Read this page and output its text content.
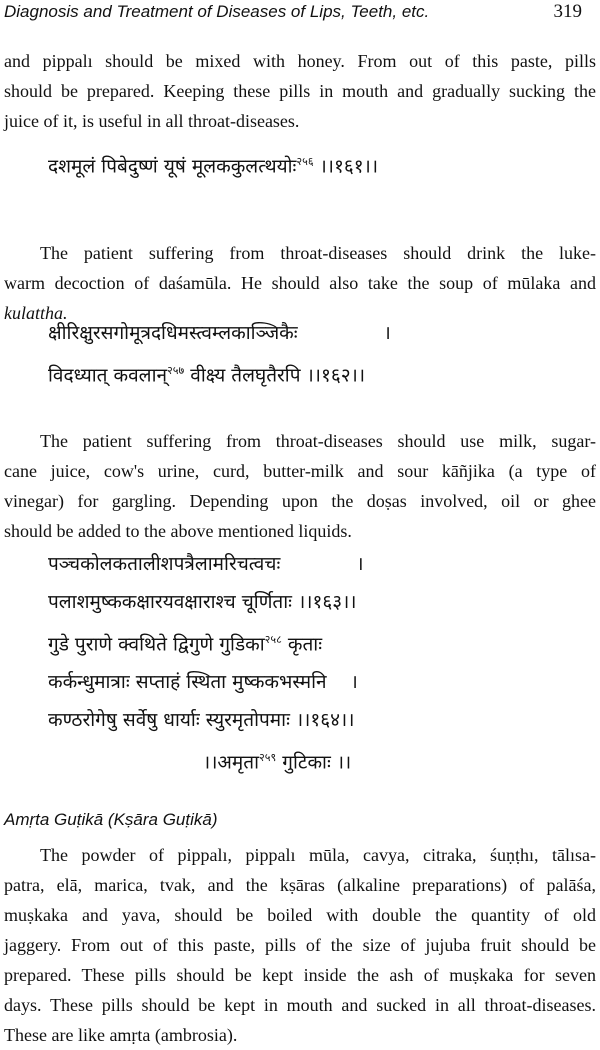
Diagnosis and Treatment of Diseases of Lips, Teeth, etc.	319
and pippalı should be mixed with honey. From out of this paste, pills
should be prepared. Keeping these pills in mouth and gradually sucking the
juice of it, is useful in all throat-diseases.
दशमूलं पिबेदुष्णं यूषं मूलककुलत्थयोः$^{२५६}$ ।।१६१।।
The patient suffering from throat-diseases should drink the luke-
warm decoction of daśamūla. He should also take the soup of mūlaka and
kulattha.
क्षीरिक्षुरसगोमूत्रदधिमस्त्वम्लकाञ्जिकैः	।
विदध्यात् कवलान्$^{२५७}$ वीक्ष्य तैलघृतैरपि ।।१६२।।
The patient suffering from throat-diseases should use milk, sugar-
cane juice, cow's urine, curd, butter-milk and sour kāñjika (a type of
vinegar) for gargling. Depending upon the doṣas involved, oil or ghee
should be added to the above mentioned liquids.
पञ्चकोलकतालीशपत्रैलामरिचत्वचः	।
पलाशमुष्ककक्षारयवक्षाराश्च चूर्णिताः ।।१६३।।
गुडे पुराणे क्वथिते द्विगुणे गुडिका$^{२५८}$ कृताः
कर्कन्धुमात्राः सप्ताहं स्थिता मुष्ककभस्मनि ।
कण्ठरोगेषु सर्वेषु धार्याः स्युरमृतोपमाः ।।१६४।।
।।अमृता$^{२५९}$ गुटिकाः ।।
Amṛta Guṭikā (Kṣāra Guṭikā)
The powder of pippalı, pippalı mūla, cavya, citraka, śuṇṭhı, tālısa-
patra, elā, marica, tvak, and the kṣāras (alkaline preparations) of palāśa,
muṣkaka and yava, should be boiled with double the quantity of old
jaggery. From out of this paste, pills of the size of jujuba fruit should be
prepared. These pills should be kept inside the ash of muṣkaka for seven
days. These pills should be kept in mouth and sucked in all throat-diseases.
These are like amṛta (ambrosia).
